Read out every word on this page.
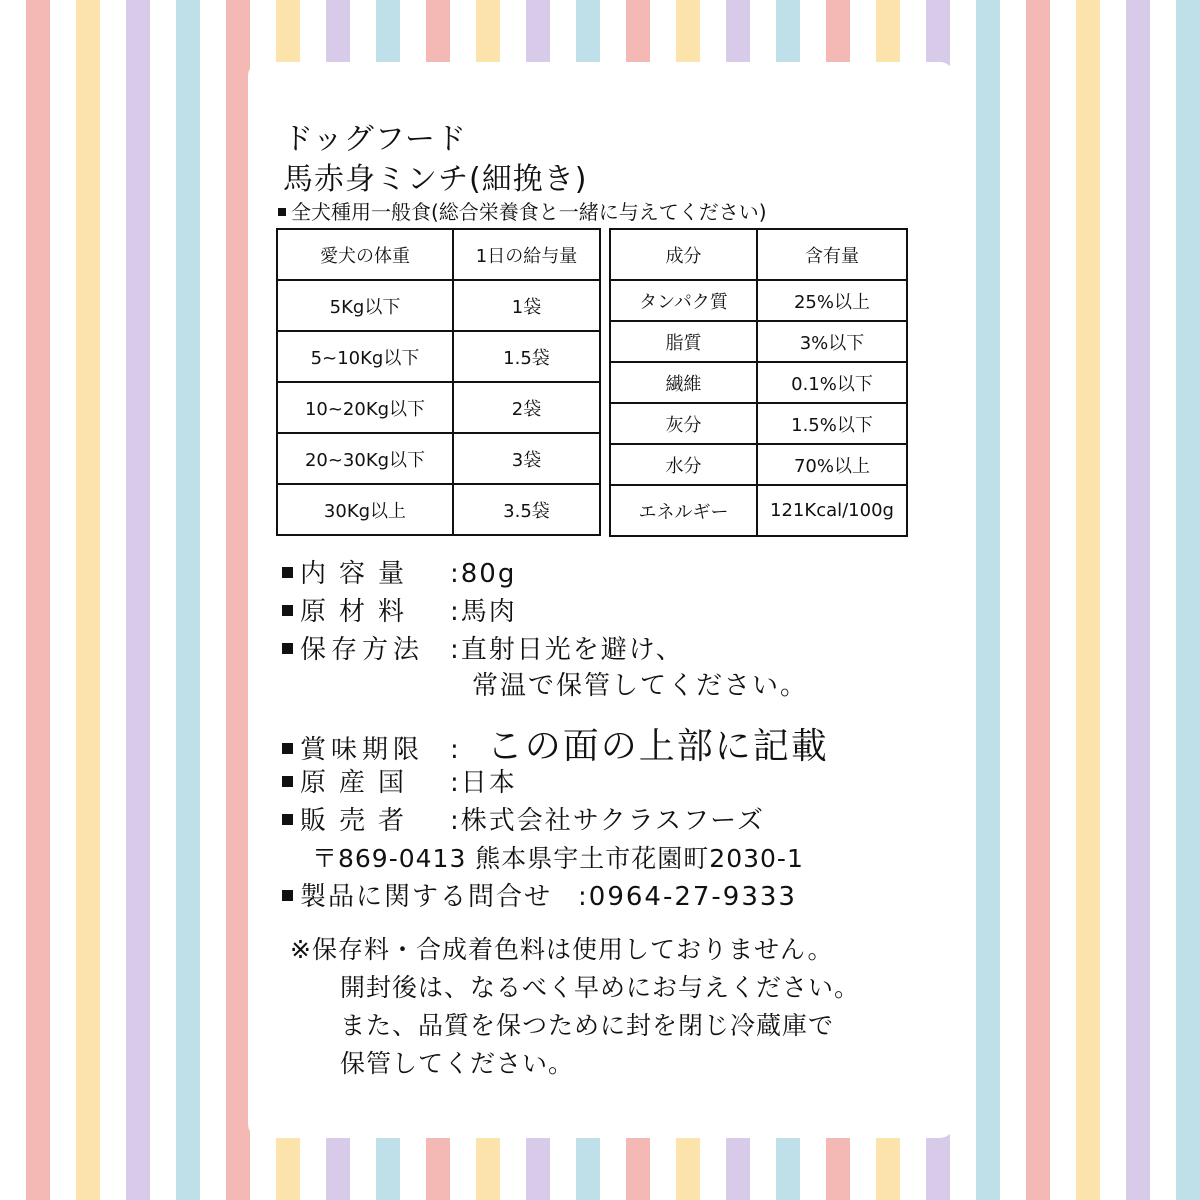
ドッグフード
馬赤身ミンチ(細挽き)
全犬種用一般食(総合栄養食と一緒に与えてください)
愛犬の体重	1日の給与量
5Kg以下	1袋
5~10Kg以下	1.5袋
10~20Kg以下	2袋
20~30Kg以下	3袋
30Kg以上	3.5袋
成分	含有量
タンパク質	25%以上
脂質	3%以下
繊維	0.1%以下
灰分	1.5%以下
水分	70%以上
エネルギー	121Kcal/100g
内容量 :80g
原材料 :馬肉
保存方法 :直射日光を避け、
常温で保管してください。
賞味期限 : この面の上部に記載
原産国 :日本
販売者 :株式会社サクラスフーズ
〒869-0413 熊本県宇土市花園町2030-1
製品に関する問合せ :0964-27-9333
※保存料・合成着色料は使用しておりません。
開封後は、なるべく早めにお与えください。
また、品質を保つために封を閉じ冷蔵庫で
保管してください。
